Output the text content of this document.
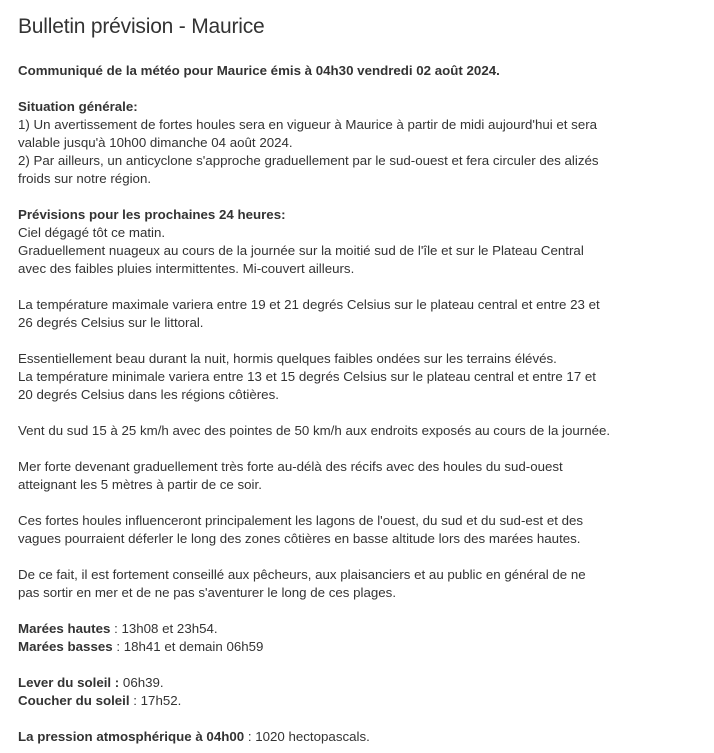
Bulletin prévision - Maurice
Communiqué de la météo pour Maurice émis à 04h30 vendredi 02 août 2024.
Situation générale:
1) Un avertissement de fortes houles sera en vigueur à Maurice à partir de midi aujourd'hui et sera
valable jusqu'à 10h00 dimanche 04 août 2024.
2) Par ailleurs, un anticyclone s'approche graduellement par le sud-ouest et fera circuler des alizés
froids sur notre région.
Prévisions pour les prochaines 24 heures:
Ciel dégagé tôt ce matin.
Graduellement nuageux au cours de la journée sur la moitié sud de l'île et sur le Plateau Central
avec des faibles pluies intermittentes. Mi-couvert ailleurs.
La température maximale variera entre 19 et 21 degrés Celsius sur le plateau central et entre 23 et
26 degrés Celsius sur le littoral.
Essentiellement beau durant la nuit, hormis quelques faibles ondées sur les terrains élévés.
La température minimale variera entre 13 et 15 degrés Celsius sur le plateau central et entre 17 et
20 degrés Celsius dans les régions côtières.
Vent du sud 15 à 25 km/h avec des pointes de 50 km/h aux endroits exposés au cours de la journée.
Mer forte devenant graduellement très forte au-délà des récifs avec des houles du sud-ouest
atteignant les 5 mètres à partir de ce soir.
Ces fortes houles influenceront principalement les lagons de l'ouest, du sud et du sud-est et des
vagues pourraient déferler le long des zones côtières en basse altitude lors des marées hautes.
De ce fait, il est fortement conseillé aux pêcheurs, aux plaisanciers et au public en général de ne
pas sortir en mer et de ne pas s'aventurer le long de ces plages.
Marées hautes : 13h08 et 23h54.
Marées basses : 18h41 et demain 06h59
Lever du soleil : 06h39.
Coucher du soleil : 17h52.
La pression atmosphérique à 04h00 : 1020 hectopascals.
